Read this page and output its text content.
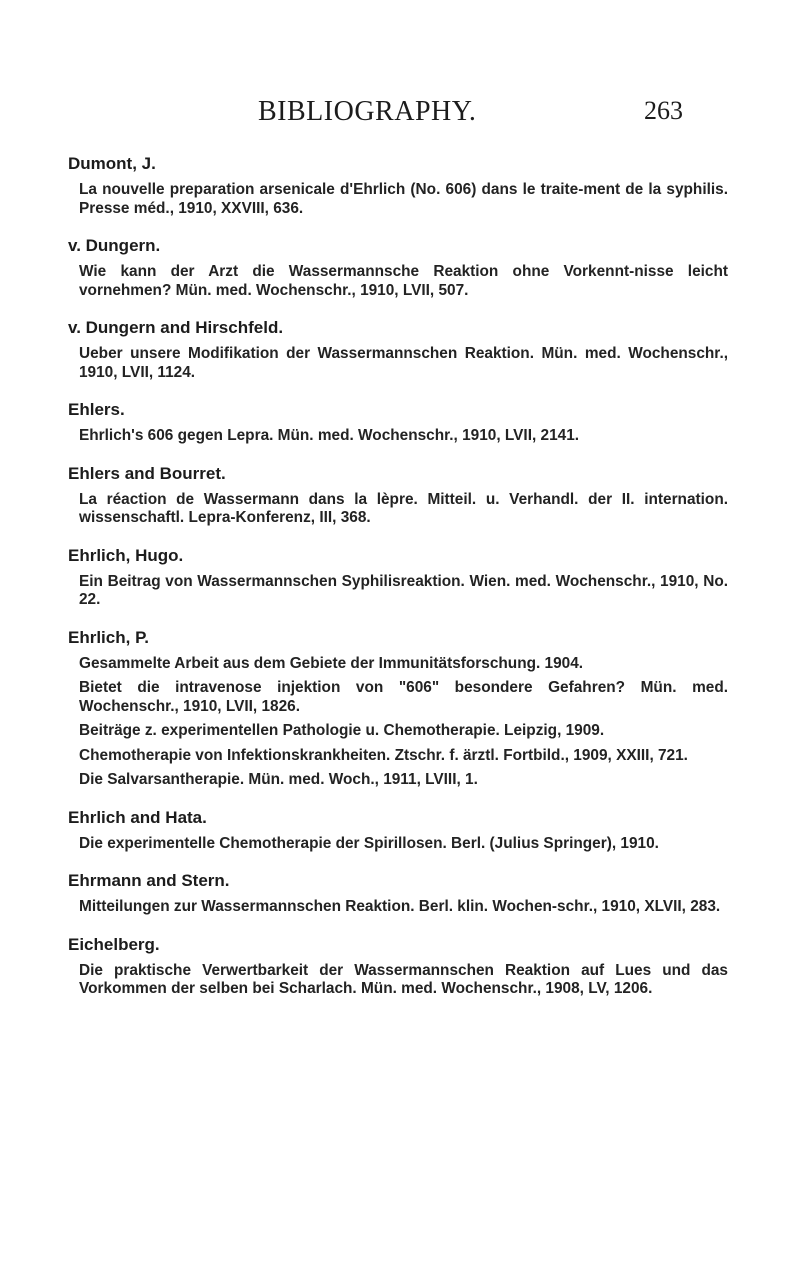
BIBLIOGRAPHY.	263
Dumont, J.
La nouvelle preparation arsenicale d'Ehrlich (No. 606) dans le traite-ment de la syphilis. Presse méd., 1910, XXVIII, 636.
v. Dungern.
Wie kann der Arzt die Wassermannsche Reaktion ohne Vorkennt-nisse leicht vornehmen? Mün. med. Wochenschr., 1910, LVII, 507.
v. Dungern and Hirschfeld.
Ueber unsere Modifikation der Wassermannschen Reaktion. Mün. med. Wochenschr., 1910, LVII, 1124.
Ehlers.
Ehrlich's 606 gegen Lepra. Mün. med. Wochenschr., 1910, LVII, 2141.
Ehlers and Bourret.
La réaction de Wassermann dans la lèpre. Mitteil. u. Verhandl. der II. internation. wissenschaftl. Lepra-Konferenz, III, 368.
Ehrlich, Hugo.
Ein Beitrag von Wassermannschen Syphilisreaktion. Wien. med. Wochenschr., 1910, No. 22.
Ehrlich, P.
Gesammelte Arbeit aus dem Gebiete der Immunitätsforschung. 1904.
Bietet die intravenose injektion von "606" besondere Gefahren? Mün. med. Wochenschr., 1910, LVII, 1826.
Beiträge z. experimentellen Pathologie u. Chemotherapie. Leipzig, 1909.
Chemotherapie von Infektionskrankheiten. Ztschr. f. ärztl. Fortbild., 1909, XXIII, 721.
Die Salvarsantherapie. Mün. med. Woch., 1911, LVIII, 1.
Ehrlich and Hata.
Die experimentelle Chemotherapie der Spirillosen. Berl. (Julius Springer), 1910.
Ehrmann and Stern.
Mitteilungen zur Wassermannschen Reaktion. Berl. klin. Wochen-schr., 1910, XLVII, 283.
Eichelberg.
Die praktische Verwertbarkeit der Wassermannschen Reaktion auf Lues und das Vorkommen der selben bei Scharlach. Mün. med. Wochenschr., 1908, LV, 1206.
